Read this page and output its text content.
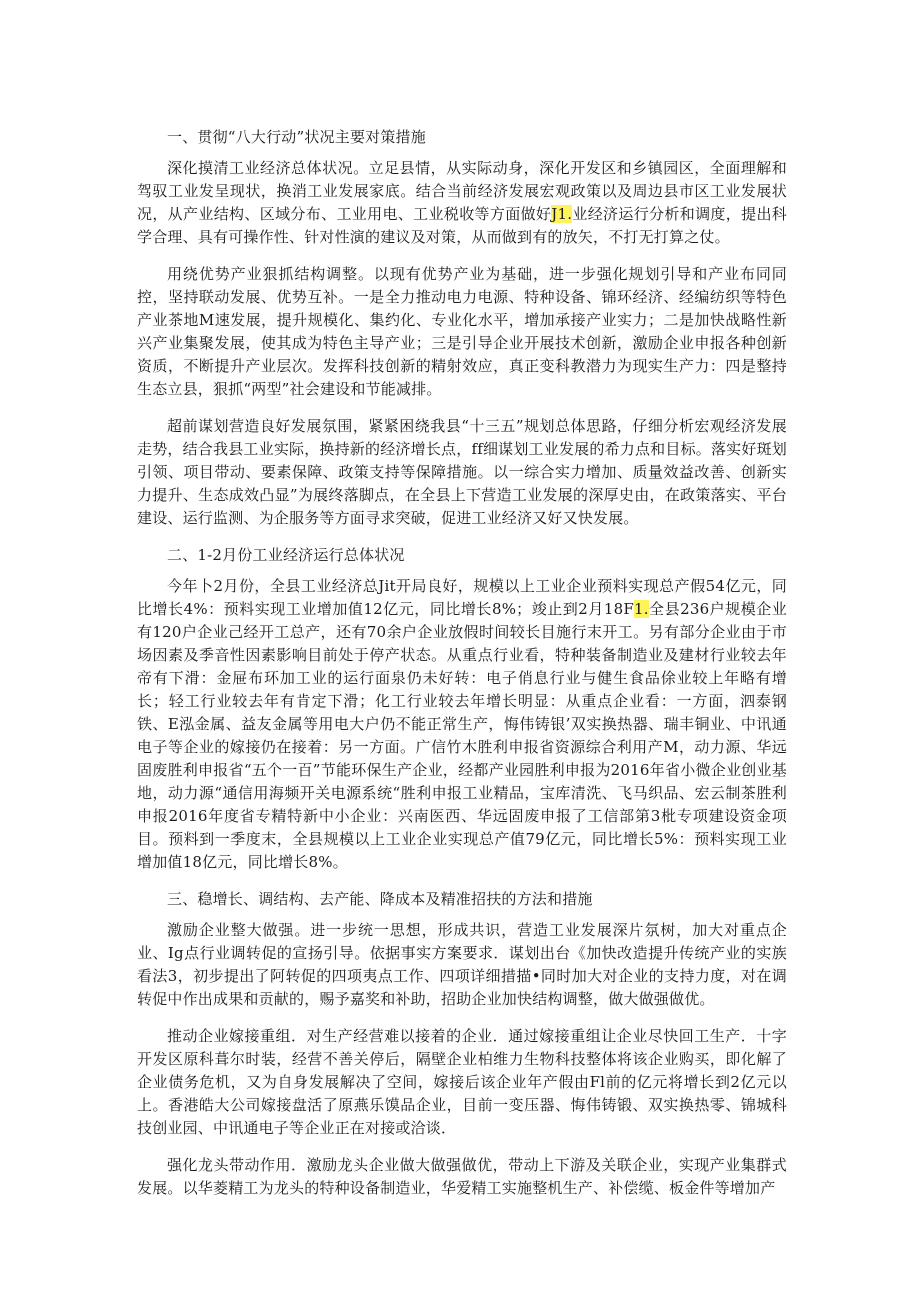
一、贯彻“八大行动”状况主要对策措施

深化摸清工业经济总体状况。立足县情，从实际动身，深化开发区和乡镇园区，全面理解和驾驭工业发呈现状，换消工业发展家底。结合当前经济发展宏观政策以及周边县市区工业发展状况，从产业结构、区域分布、工业用电、工业税收等方面做好J1.业经济运行分析和调度，提出科学合理、具有可操作性、针对性演的建议及对策，从而做到有的放矢，不打无打算之仗。

用绕优势产业狠抓结构调整。以现有优势产业为基础，进一步强化规划引导和产业布同同控，坚持联动发展、优势互补。一是全力推动电力电源、特种设备、锦环经济、经编纺织等特色产业茶地M速发展，提升规模化、集约化、专业化水平，增加承接产业实力；二是加快战略性新兴产业集聚发展，使其成为特色主导产业；三是引导企业开展技术创新，激励企业申报各种创新资质，不断提升产业层次。发挥科技创新的精射效应，真正变科教潜力为现实生产力：四是整持生态立县，狠抓“两型”社会建设和节能减排。

超前谋划营造良好发展氛围，紧紧困绕我县“十三五”规划总体思路，仔细分析宏观经济发展走势，结合我县工业实际，换持新的经济增长点，ff细谋划工业发展的希力点和目标。落实好斑划引领、项目带动、要素保障、政策支持等保障措施。以一综合实力增加、质量效益改善、创新实力提升、生态成效凸显”为展终落脚点，在全县上下营造工业发展的深厚史由，在政策落实、平台建设、运行监测、为企服务等方面寻求突破，促进工业经济又好又快发展。

二、1-2月份工业经济运行总体状况

今年卜2月份，全县工业经济总Jit开局良好，规模以上工业企业预料实现总产假54亿元，同比增长4%：预料实现工业增加值12亿元，同比增长8%；竣止到2月18F1.全县236户规模企业有120户企业己经开工总产，还有70余户企业放假时间较长目施行末开工。另有部分企业由于市场因素及季音性因素影响目前处于停产状态。从重点行业看，特种装备制造业及建材行业较去年帝有下滑：金屉布环加工业的运行面泉仍未好转：电子俏息行业与健生食品俆业较上年略有增长；轻工行业较去年有肯定下滑；化工行业较去年增长明显：从重点企业看：一方面，泗泰钢铁、E泓金属、益友金属等用电大户仍不能正常生产，悔伟铸银’双实换热器、瑞丰铜业、中讯通电子等企业的嫁接仍在接着：另一方面。广信竹木胜利申报省资源综合利用产M，动力源、华远固废胜利申报省“五个一百”节能环保生产企业，经都产业园胜利申报为2016年省小微企业创业基地，动力源“通信用海频开关电源系统“胜利申报工业精品，宝库清洗、飞马织品、宏云制茶胜利申报2016年度省专精特新中小企业：兴南医西、华远固废申报了工信部第3枇专项建设资金项目。预料到一季度末，全县规模以上工业企业实现总产值79亿元，同比增长5%：预料实现工业增加值18亿元，同比增长8%。

三、稳增长、调结构、去产能、降成本及精准招扶的方法和措施

激励企业整大做强。进一步统一思想，形成共识，营造工业发展深片氛树，加大对重点企业、Ig点行业调转促的宣扬引导。依据事实方案要求．谋划出台《加快改造提升传统产业的实族看法3，初步提出了阿转促的四项夷点工作、四项详细措描•同时加大对企业的支持力度，对在调转促中作出成果和贡献的，赐予嘉奖和补助，招助企业加快结构调整，做大做强做优。

推动企业嫁接重组．对生产经营难以接着的企业．通过嫁接重组让企业尽快回工生产．十字开发区原科葺尔时装，经营不善关停后，隔壁企业柏维力生物科技整体将该企业购买，即化解了企业债务危机，又为自身发展解决了空间，嫁接后该企业年产假由Fl前的亿元将增长到2亿元以上。香港皓大公司嫁接盘活了原燕乐馍品企业，目前一变压器、悔伟铸锻、双实换热零、锦城科技创业园、中讯通电子等企业正在对接或洽谈．

强化龙头带动作用．激励龙头企业做大做强做优，带动上下游及关联企业，实现产业集群式发展。以华菱精工为龙头的特种设备制造业，华爱精工实施整机生产、补偿缆、板金件等增加产
